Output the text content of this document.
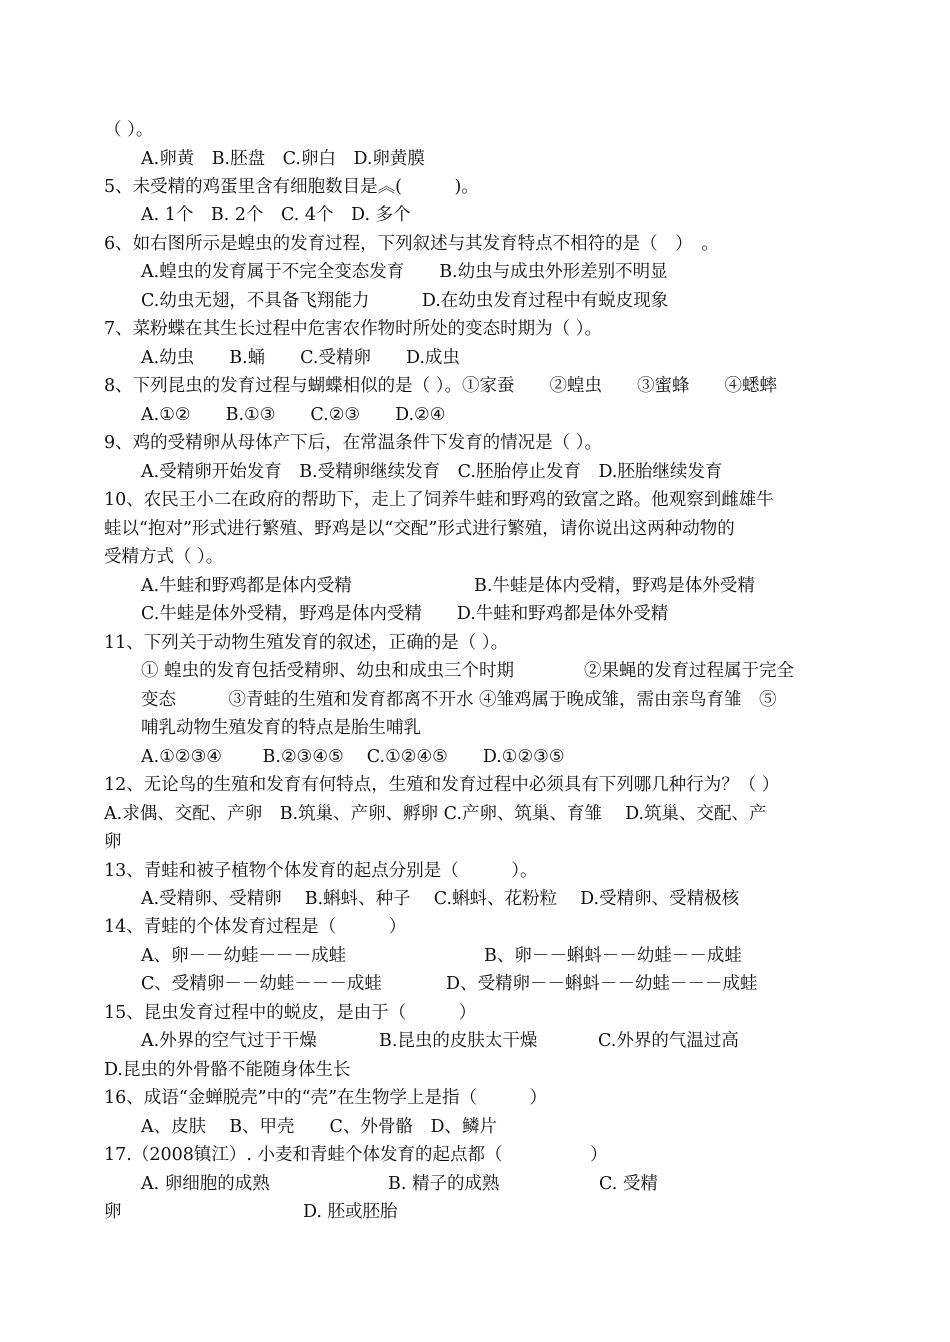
（ ）。
A.卵黄　B.胚盘　C.卵白　D.卵黄膜
5、未受精的鸡蛋里含有细胞数目是︽(　　　)。
A. 1个　B. 2个　C. 4个　D. 多个
6、如右图所示是蝗虫的发育过程，下列叙述与其发育特点不相符的是（　）　。
A.蝗虫的发育属于不完全变态发育　　B.幼虫与成虫外形差别不明显
C.幼虫无翅，不具备飞翔能力　　　D.在幼虫发育过程中有蜕皮现象
7、菜粉蝶在其生长过程中危害农作物时所处的变态时期为（ ）。
A.幼虫　　B.蛹　　C.受精卵　　D.成虫
8、下列昆虫的发育过程与蝴蝶相似的是（ ）。①家蚕　　②蝗虫　　③蜜蜂　　④蟋蟀
A.①②　　B.①③　　C.②③　　D.②④
9、鸡的受精卵从母体产下后，在常温条件下发育的情况是（ ）。
A.受精卵开始发育　B.受精卵继续发育　C.胚胎停止发育　D.胚胎继续发育
10、农民王小二在政府的帮助下，走上了饲养牛蛙和野鸡的致富之路。他观察到雌雄牛
蛙以“抱对”形式进行繁殖、野鸡是以“交配”形式进行繁殖，请你说出这两种动物的
受精方式（ ）。
A.牛蛙和野鸡都是体内受精	B.牛蛙是体内受精，野鸡是体外受精
C.牛蛙是体外受精，野鸡是体内受精　　D.牛蛙和野鸡都是体外受精
11、下列关于动物生殖发育的叙述，正确的是（ ）。
① 蝗虫的发育包括受精卵、幼虫和成虫三个时期　　　　②果蝇的发育过程属于完全
变态　　　③青蛙的生殖和发育都离不开水 ④雏鸡属于晚成雏，需由亲鸟育雏　⑤
哺乳动物生殖发育的特点是胎生哺乳
A.①②③④　　 B.②③④⑤　 C.①②④⑤　　D.①②③⑤
12、无论鸟的生殖和发育有何特点，生殖和发育过程中必须具有下列哪几种行为？（ ）
A.求偶、交配、产卵　B.筑巢、产卵、孵卵 C.产卵、筑巢、育雏　 D.筑巢、交配、产
卵
13、青蛙和被子植物个体发育的起点分别是（　　　）。
A.受精卵、受精卵　 B.蝌蚪、种子　 C.蝌蚪、花粉粒　 D.受精卵、受精极核
14、青蛙的个体发育过程是（　　　）
A、卵－－幼蛙－－－成蛙	B、卵－－蝌蚪－－幼蛙－－成蛙
C、受精卵－－幼蛙－－－成蛙	D、受精卵－－蝌蚪－－幼蛙－－－成蛙
15、昆虫发育过程中的蜕皮，是由于（　　　）
A.外界的空气过于干燥	B.昆虫的皮肤太干燥	C.外界的气温过高
D.昆虫的外骨骼不能随身体生长
16、成语“金蝉脱壳”中的“壳”在生物学上是指（　　　）
A、皮肤　 B、甲壳　　C、外骨骼　D、鳞片
17.（2008镇江）. 小麦和青蛙个体发育的起点都（　　　　　）
A. 卵细胞的成熟	B. 精子的成熟	C. 受精
卵	D. 胚或胚胎
